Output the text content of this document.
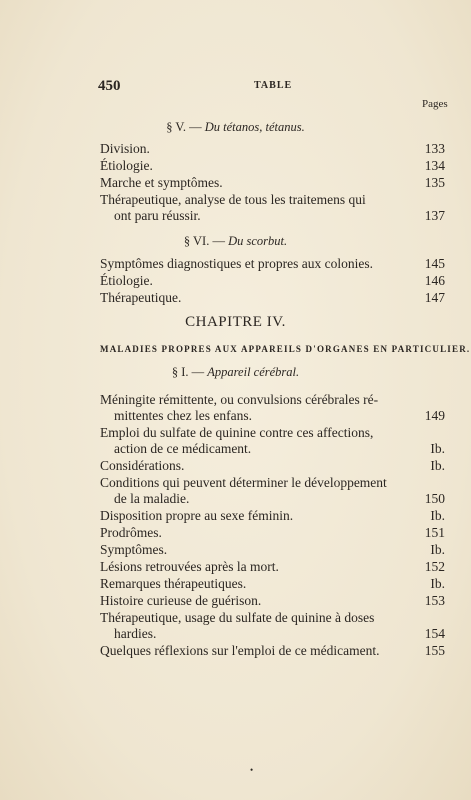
450	TABLE
Pages
§ V. — Du tétanos, tétanus.
Division.	133
Étiologie.	134
Marche et symptômes.	135
Thérapeutique, analyse de tous les traitemens qui
ont paru réussir.	137
§ VI. — Du scorbut.
Symptômes diagnostiques et propres aux colonies.	145
Étiologie.	146
Thérapeutique.	147
CHAPITRE IV.
MALADIES PROPRES AUX APPAREILS D'ORGANES EN PARTICULIER.
§ I. — Appareil cérébral.
Méningite rémittente, ou convulsions cérébrales ré-
mittentes chez les enfans.	149
Emploi du sulfate de quinine contre ces affections,
action de ce médicament.	Ib.
Considérations.	Ib.
Conditions qui peuvent déterminer le développement
de la maladie.	150
Disposition propre au sexe féminin.	Ib.
Prodrômes.	151
Symptômes.	Ib.
Lésions retrouvées après la mort.	152
Remarques thérapeutiques.	Ib.
Histoire curieuse de guérison.	153
Thérapeutique, usage du sulfate de quinine à doses
hardies.	154
Quelques réflexions sur l'emploi de ce médicament.	155
•
